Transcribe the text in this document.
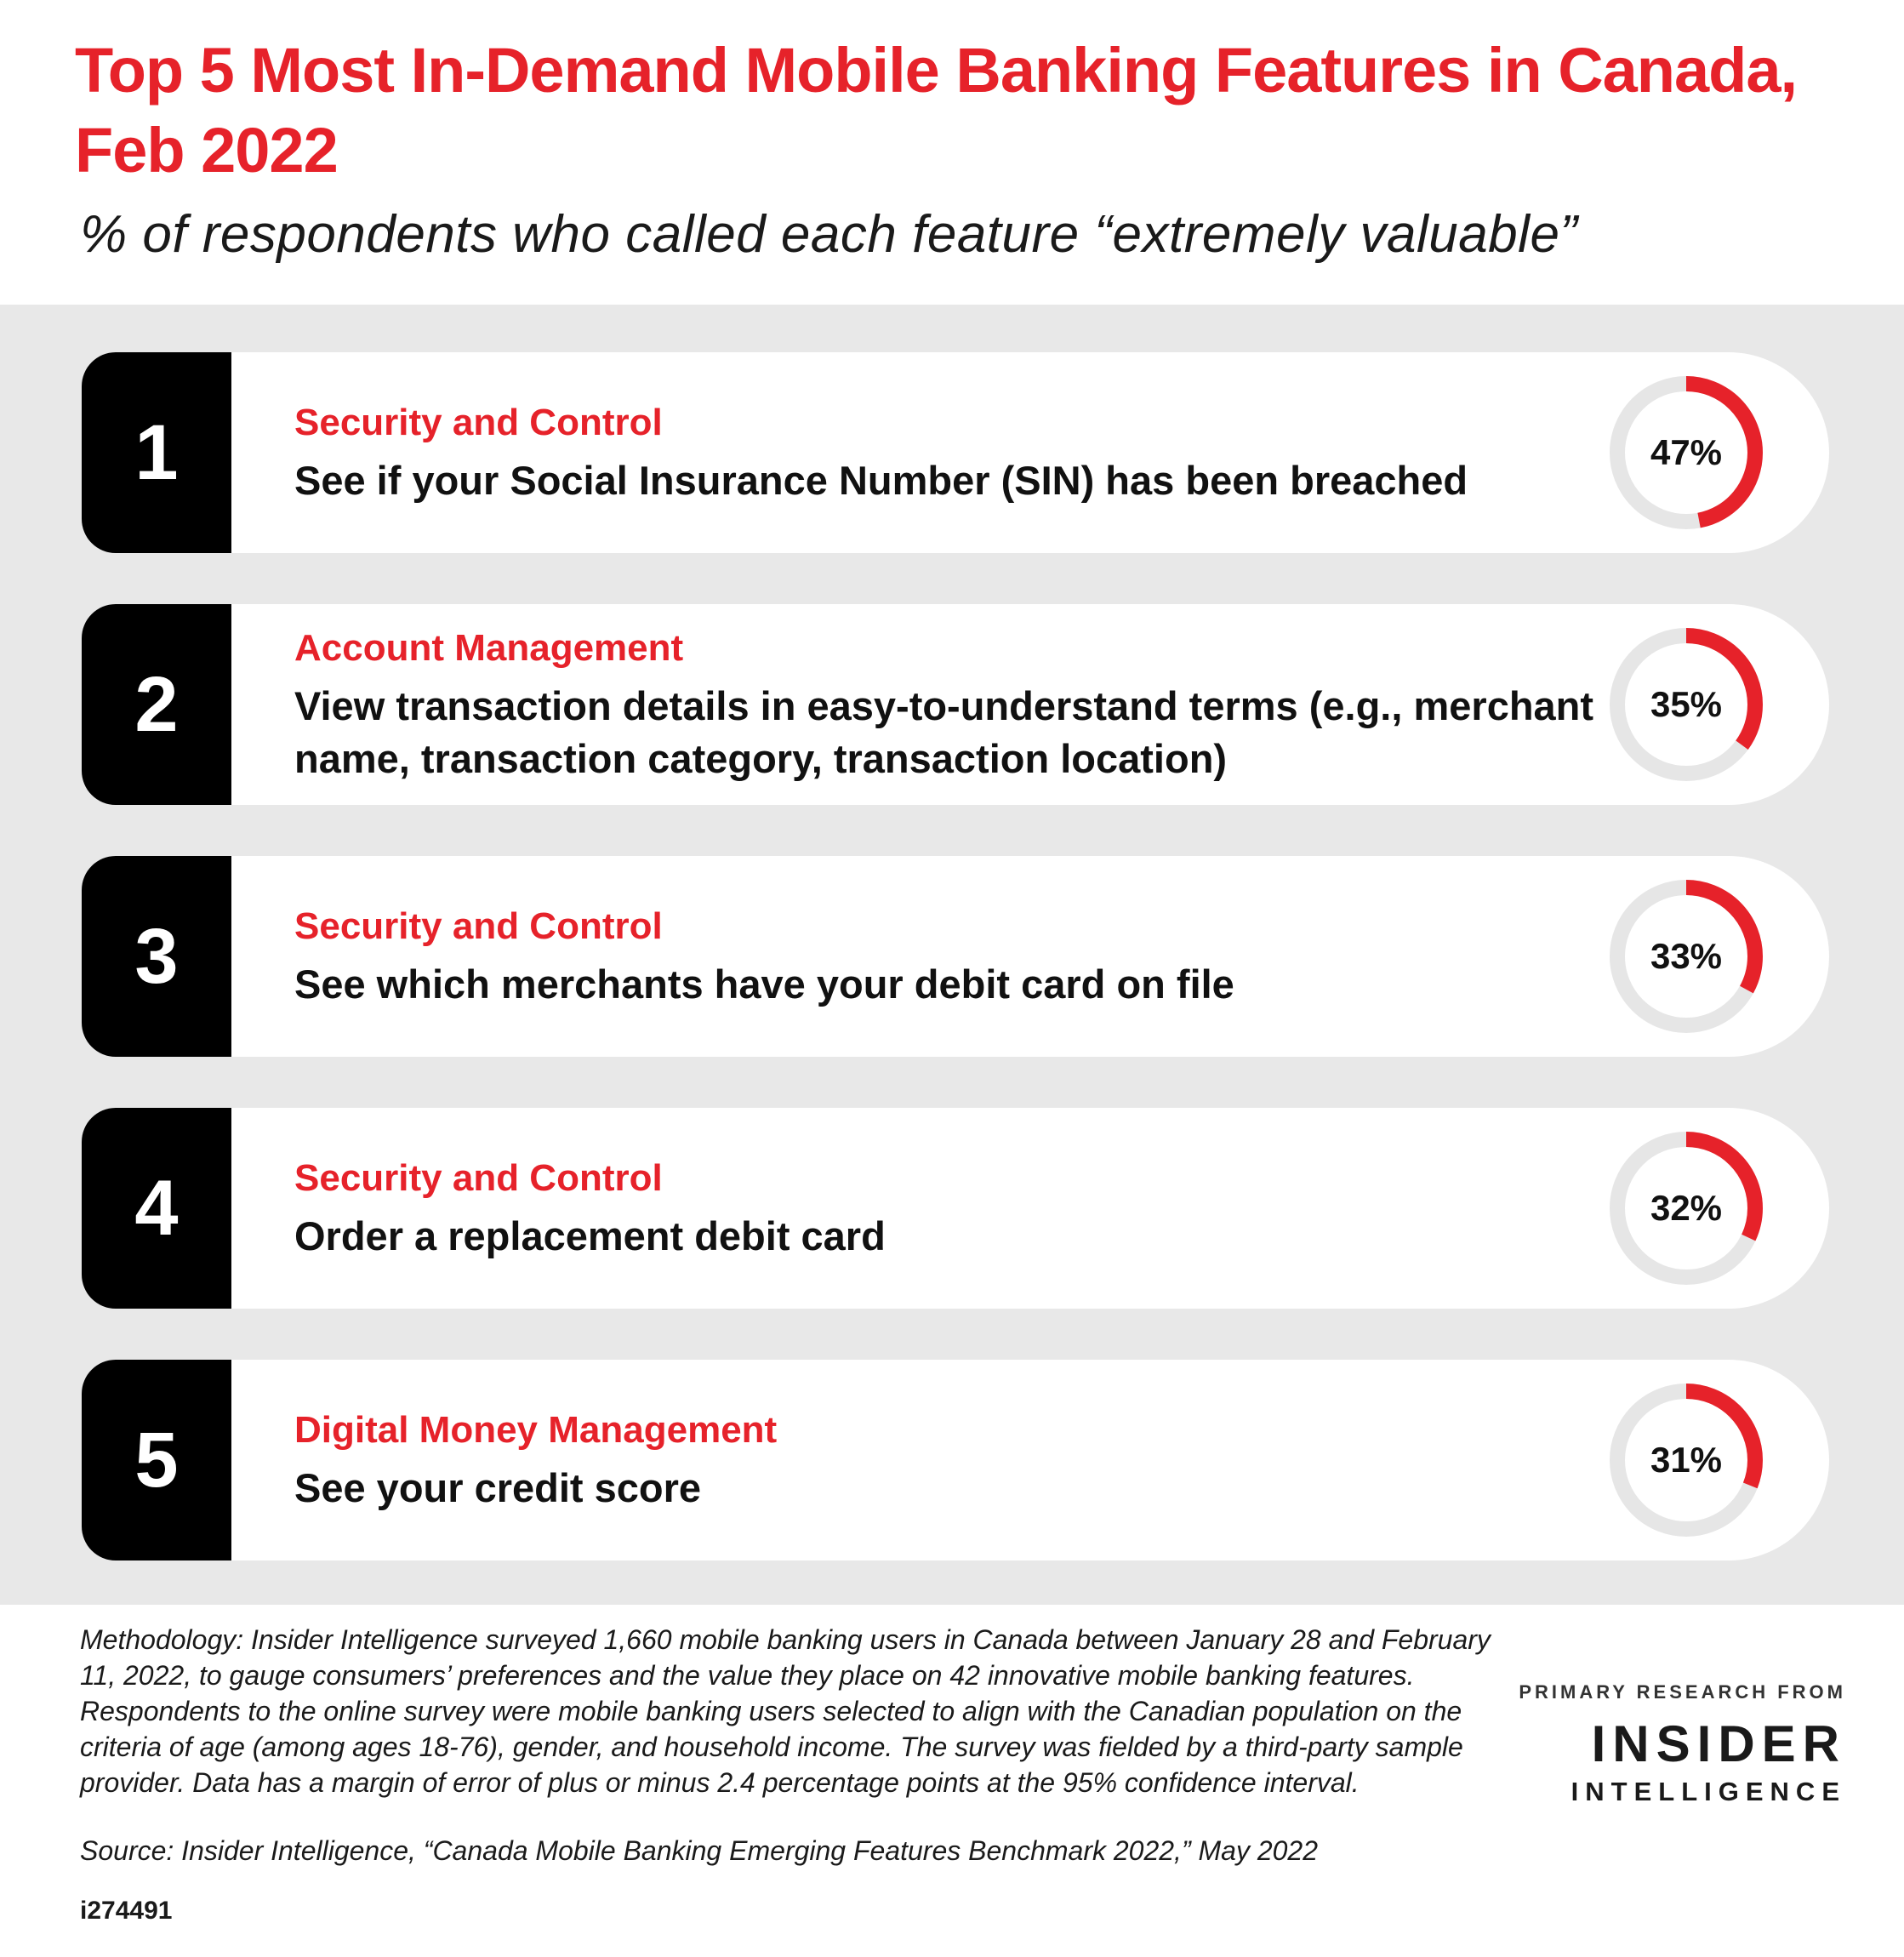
Top 5 Most In-Demand Mobile Banking Features in Canada, Feb 2022
% of respondents who called each feature “extremely valuable”
1	Security and Control
See if your Social Insurance Number (SIN) has been breached
47%
2
Account Management
View transaction details in easy-to-understand terms (e.g., merchant name, transaction category, transaction location)
35%
3	Security and Control
See which merchants have your debit card on file
33%
4	Security and Control
Order a replacement debit card
32%
5	Digital Money Management
See your credit score
31%
Methodology: Insider Intelligence surveyed 1,660 mobile banking users in Canada between January 28 and February 11, 2022, to gauge consumers’ preferences and the value they place on 42 innovative mobile banking features. Respondents to the online survey were mobile banking users selected to align with the Canadian population on the criteria of age (among ages 18-76), gender, and household income. The survey was fielded by a third-party sample provider. Data has a margin of error of plus or minus 2.4 percentage points at the 95% confidence interval.
Source: Insider Intelligence, “Canada Mobile Banking Emerging Features Benchmark 2022,” May 2022
i274491
PRIMARY RESEARCH FROM
INSIDER
INTELLIGENCE
